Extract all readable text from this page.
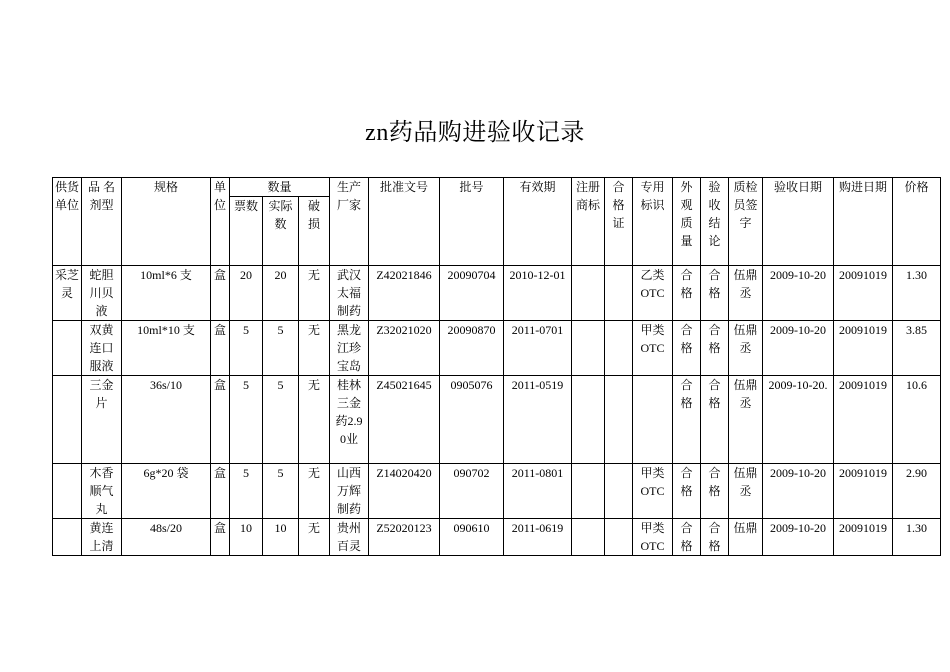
zn药品购进验收记录
供货单位	品 名 剂型	规格	单位	数量			生产厂家	批准文号	批号	有效期	注册商标	合格证	专用标识	外观质量	验收结论	质检员签字	验收日期	购进日期	价格

				票数	实际数	破损													

采芝灵	蛇胆川贝液	10ml*6 支	盒	20	20	无	武汉太福制药	Z42021846	20090704	2010-12-01			乙类 OTC	合格	合格	伍鼎丞	2009-10-20	20091019	1.30

	双黄连口服液	10ml*10 支	盒	5	5	无	黑龙江珍宝岛	Z32021020	20090870	2011-0701			甲类 OTC	合格	合格	伍鼎丞	2009-10-20	20091019	3.85

	三金片	36s/10	盒	5	5	无	桂林三金药2.90业	Z45021645	0905076	2011-0519				合格	合格	伍鼎丞	2009-10-20.	20091019	10.6

	木香顺气丸	6g*20 袋	盒	5	5	无	山西万辉制药	Z14020420	090702	2011-0801			甲类 OTC	合格	合格	伍鼎丞	2009-10-20	20091019	2.90

	黄连上清	48s/20	盒	10	10	无	贵州百灵	Z52020123	090610	2011-0619			甲类 OTC	合格	合格	伍鼎	2009-10-20	20091019	1.30
